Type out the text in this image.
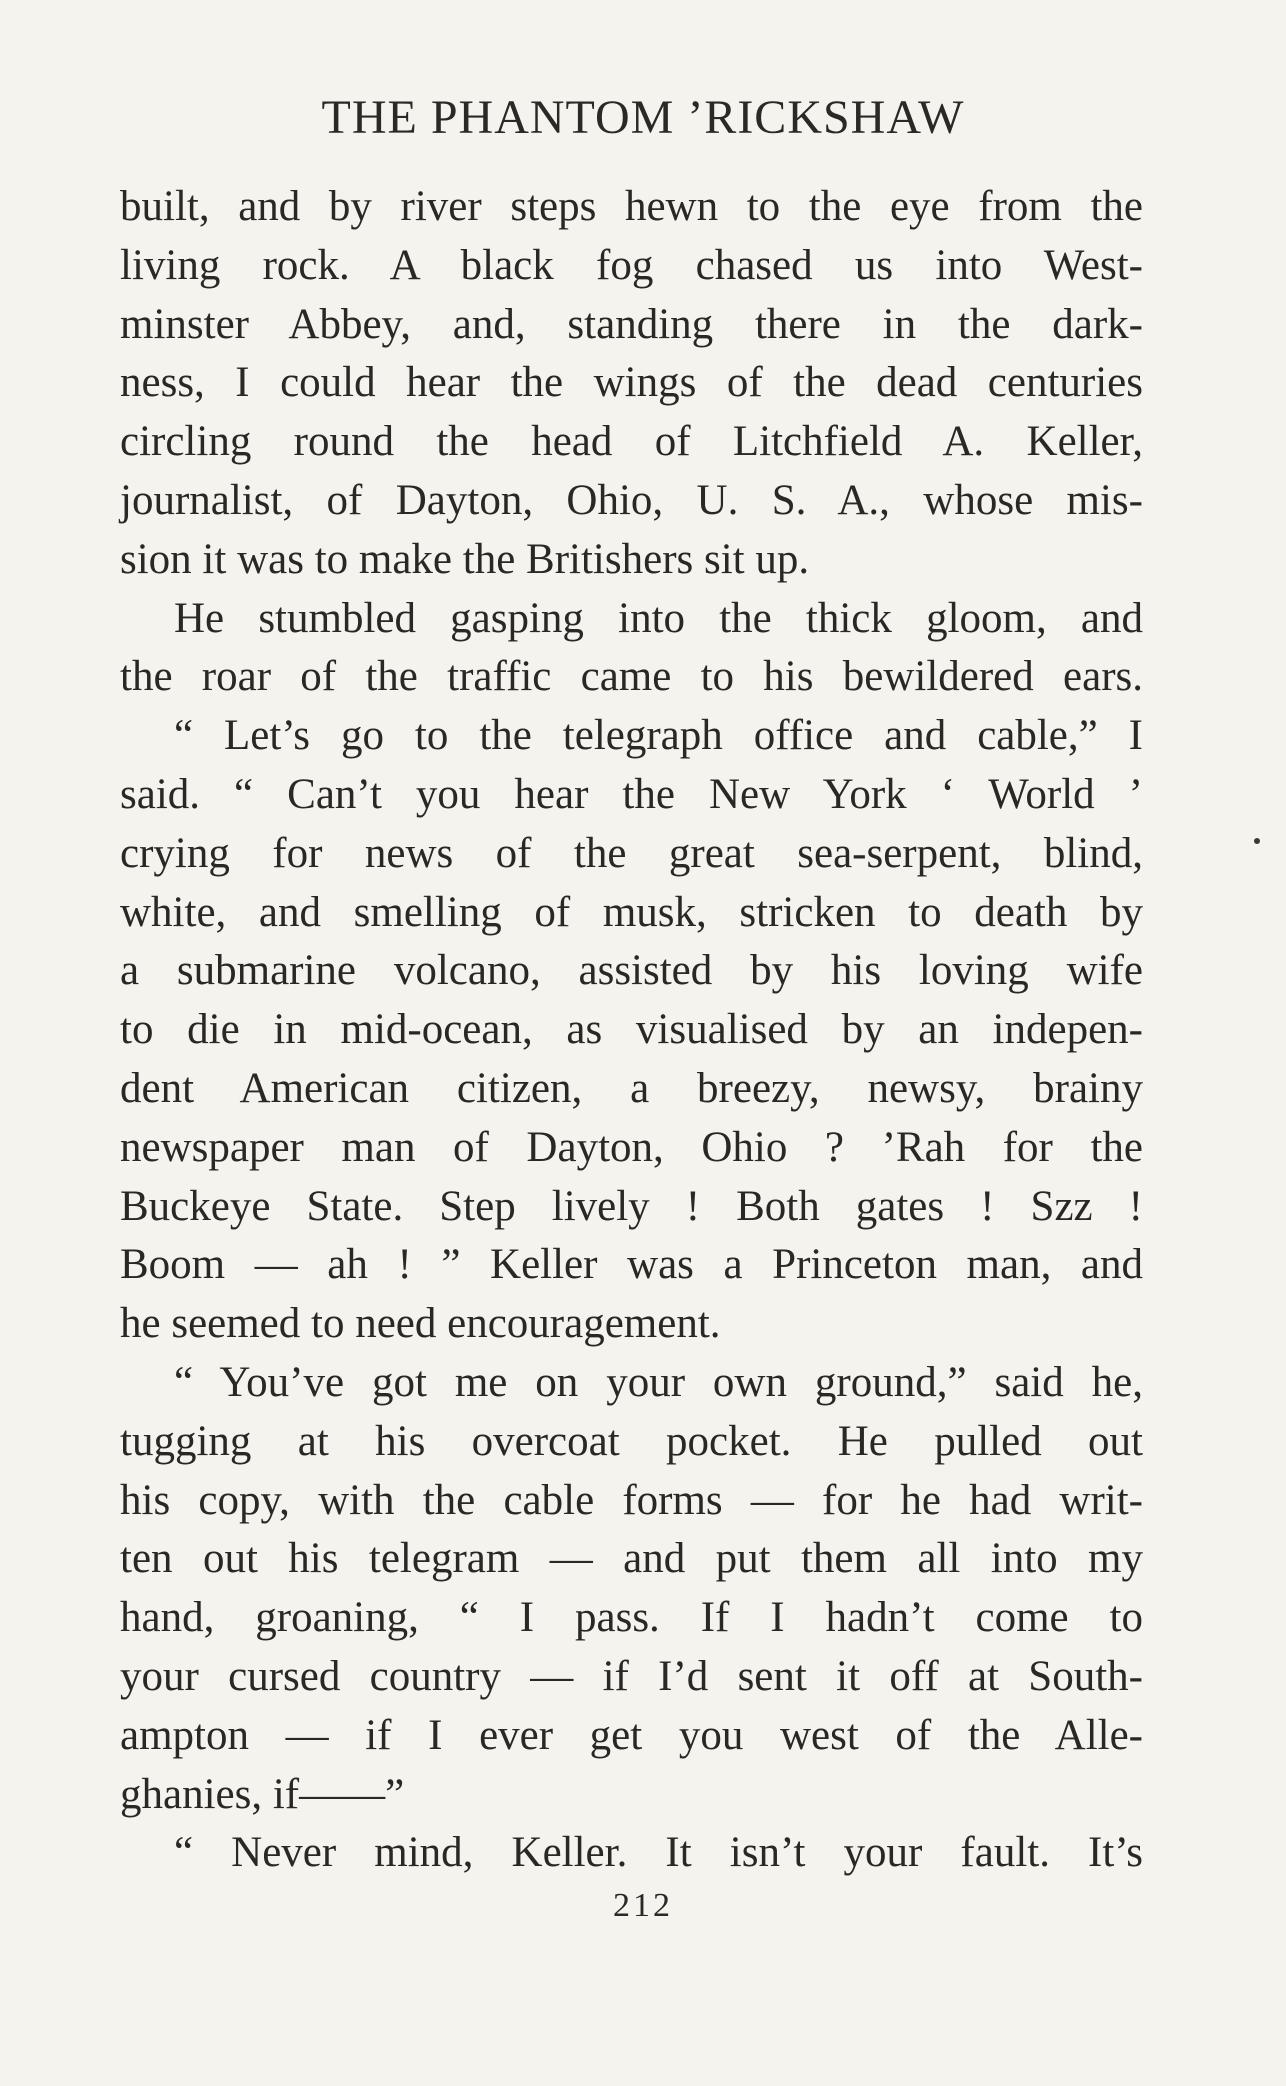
THE PHANTOM ’RICKSHAW
built, and by river steps hewn to the eye from the
living rock. A black fog chased us into West-
minster Abbey, and, standing there in the dark-
ness, I could hear the wings of the dead centuries
circling round the head of Litchfield A. Keller,
journalist, of Dayton, Ohio, U. S. A., whose mis-
sion it was to make the Britishers sit up.
He stumbled gasping into the thick gloom, and
the roar of the traffic came to his bewildered ears.
“ Let’s go to the telegraph office and cable,” I
said. “ Can’t you hear the New York ‘ World ’
crying for news of the great sea-serpent, blind,
white, and smelling of musk, stricken to death by
a submarine volcano, assisted by his loving wife
to die in mid-ocean, as visualised by an indepen-
dent American citizen, a breezy, newsy, brainy
newspaper man of Dayton, Ohio ? ’Rah for the
Buckeye State. Step lively ! Both gates ! Szz !
Boom — ah ! ” Keller was a Princeton man, and
he seemed to need encouragement.
“ You’ve got me on your own ground,” said he,
tugging at his overcoat pocket. He pulled out
his copy, with the cable forms — for he had writ-
ten out his telegram — and put them all into my
hand, groaning, “ I pass. If I hadn’t come to
your cursed country — if I’d sent it off at South-
ampton — if I ever get you west of the Alle-
ghanies, if——”
“ Never mind, Keller. It isn’t your fault. It’s
212
